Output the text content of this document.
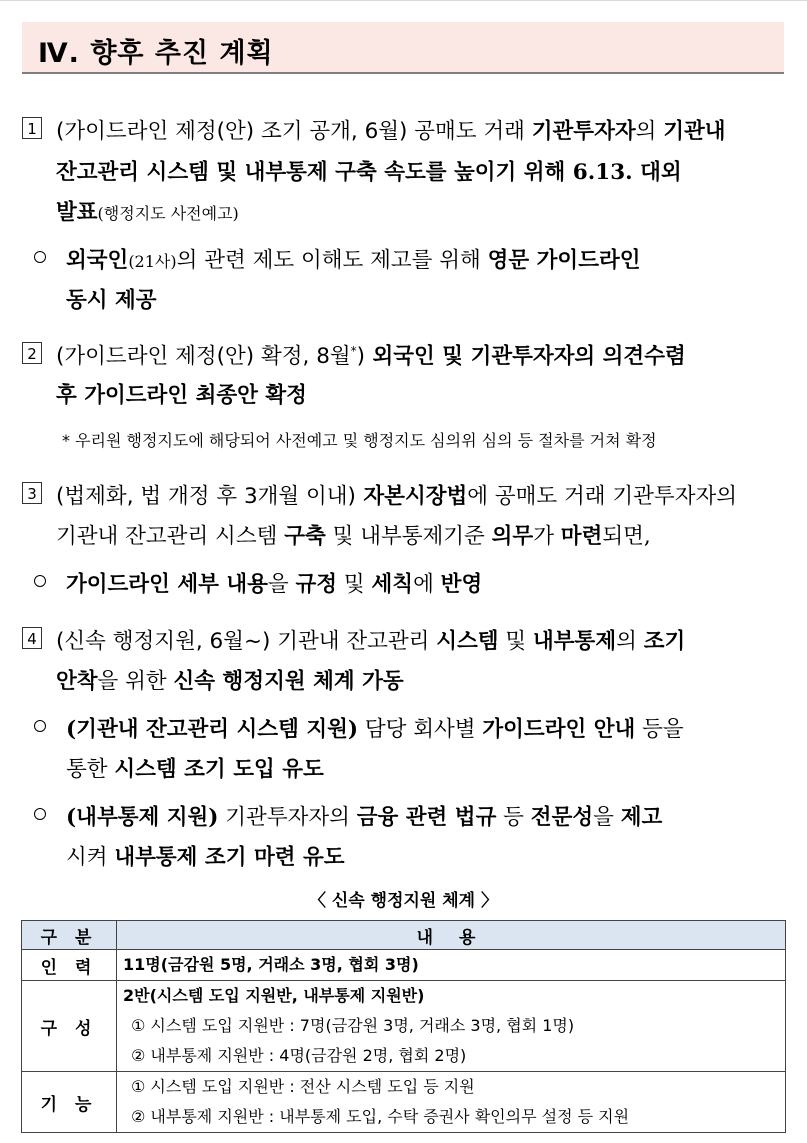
Ⅳ. 향후 추진 계획
1 (가이드라인 제정(안) 조기 공개, 6월) 공매도 거래 기관투자자의 기관내
잔고관리 시스템 및 내부통제 구축 속도를 높이기 위해 6.13. 대외
발표(행정지도 사전예고)
외국인(21사)의 관련 제도 이해도 제고를 위해 영문 가이드라인
동시 제공
2 (가이드라인 제정(안) 확정, 8월*) 외국인 및 기관투자자의 의견수렴
후 가이드라인 최종안 확정
* 우리원 행정지도에 해당되어 사전예고 및 행정지도 심의위 심의 등 절차를 거쳐 확정
3 (법제화, 법 개정 후 3개월 이내) 자본시장법에 공매도 거래 기관투자자의
기관내 잔고관리 시스템 구축 및 내부통제기준 의무가 마련되면,
가이드라인 세부 내용을 규정 및 세칙에 반영
4 (신속 행정지원, 6월~) 기관내 잔고관리 시스템 및 내부통제의 조기
안착을 위한 신속 행정지원 체계 가동
(기관내 잔고관리 시스템 지원) 담당 회사별 가이드라인 안내 등을
통한 시스템 조기 도입 유도
(내부통제 지원) 기관투자자의 금융 관련 법규 등 전문성을 제고
시켜 내부통제 조기 마련 유도
〈 신속 행정지원 체계 〉
구 분	내 용
인 력	11명(금감원 5명, 거래소 3명, 협회 3명)

구 성	2반(시스템 도입 지원반, 내부통제 지원반)
① 시스템 도입 지원반 : 7명(금감원 3명, 거래소 3명, 협회 1명)
② 내부통제 지원반 : 4명(금감원 2명, 협회 2명)

기 능	① 시스템 도입 지원반 : 전산 시스템 도입 등 지원
② 내부통제 지원반 : 내부통제 도입, 수탁 증권사 확인의무 설정 등 지원
